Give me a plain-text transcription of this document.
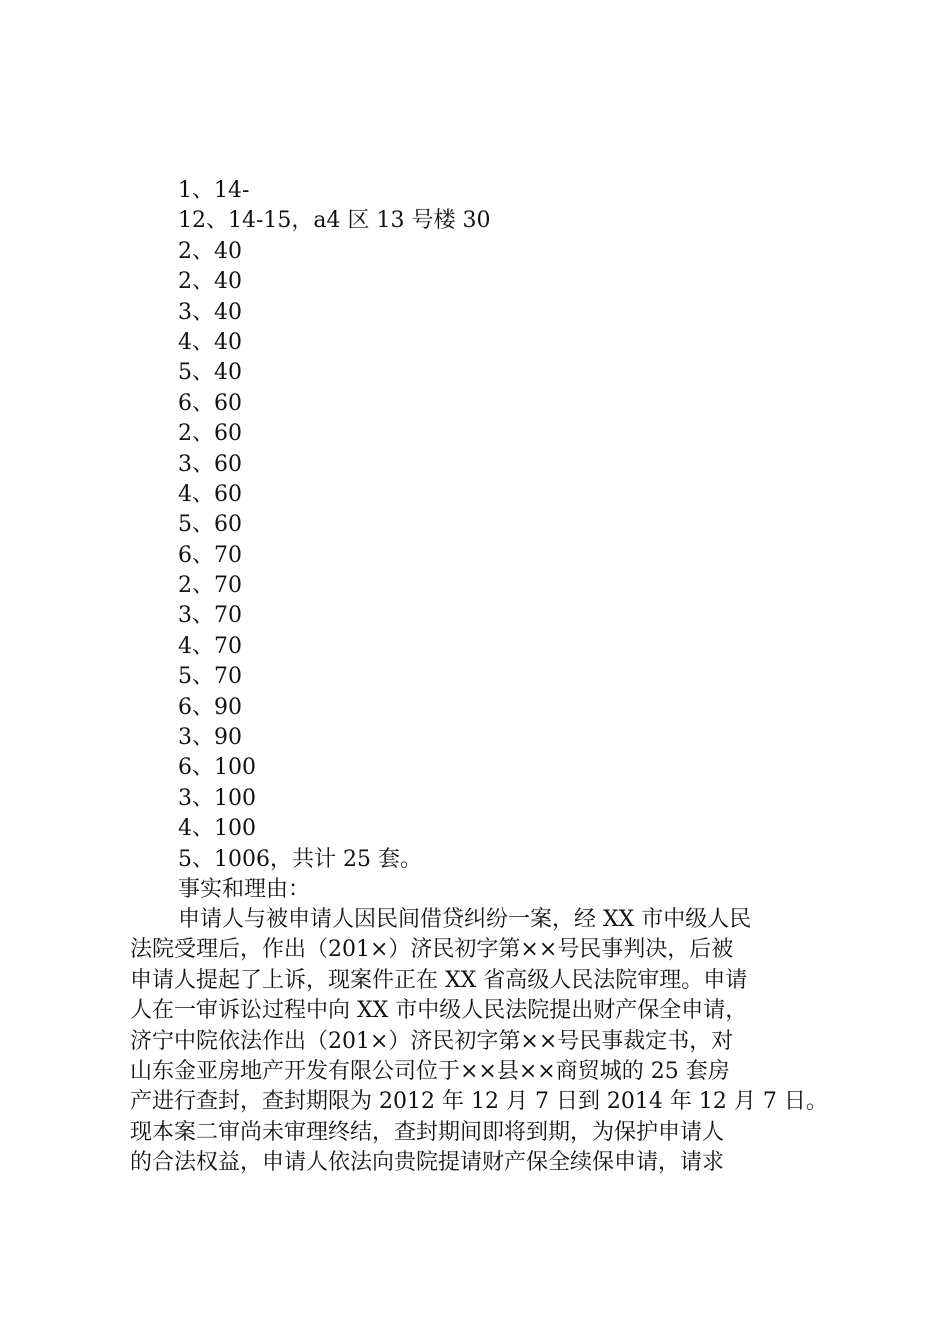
1、14-
12、14-15，a4 区 13 号楼 30
2、40
2、40
3、40
4、40
5、40
6、60
2、60
3、60
4、60
5、60
6、70
2、70
3、70
4、70
5、70
6、90
3、90
6、100
3、100
4、100
5、1006，共计 25 套。
事实和理由：
申请人与被申请人因民间借贷纠纷一案，经 XX 市中级人民
法院受理后，作出（201×）济民初字第××号民事判决，后被
申请人提起了上诉，现案件正在 XX 省高级人民法院审理。申请
人在一审诉讼过程中向 XX 市中级人民法院提出财产保全申请，
济宁中院依法作出（201×）济民初字第××号民事裁定书，对
山东金亚房地产开发有限公司位于××县××商贸城的 25 套房
产进行查封，查封期限为 2012 年 12 月 7 日到 2014 年 12 月 7 日。
现本案二审尚未审理终结，查封期间即将到期，为保护申请人
的合法权益，申请人依法向贵院提请财产保全续保申请，请求
